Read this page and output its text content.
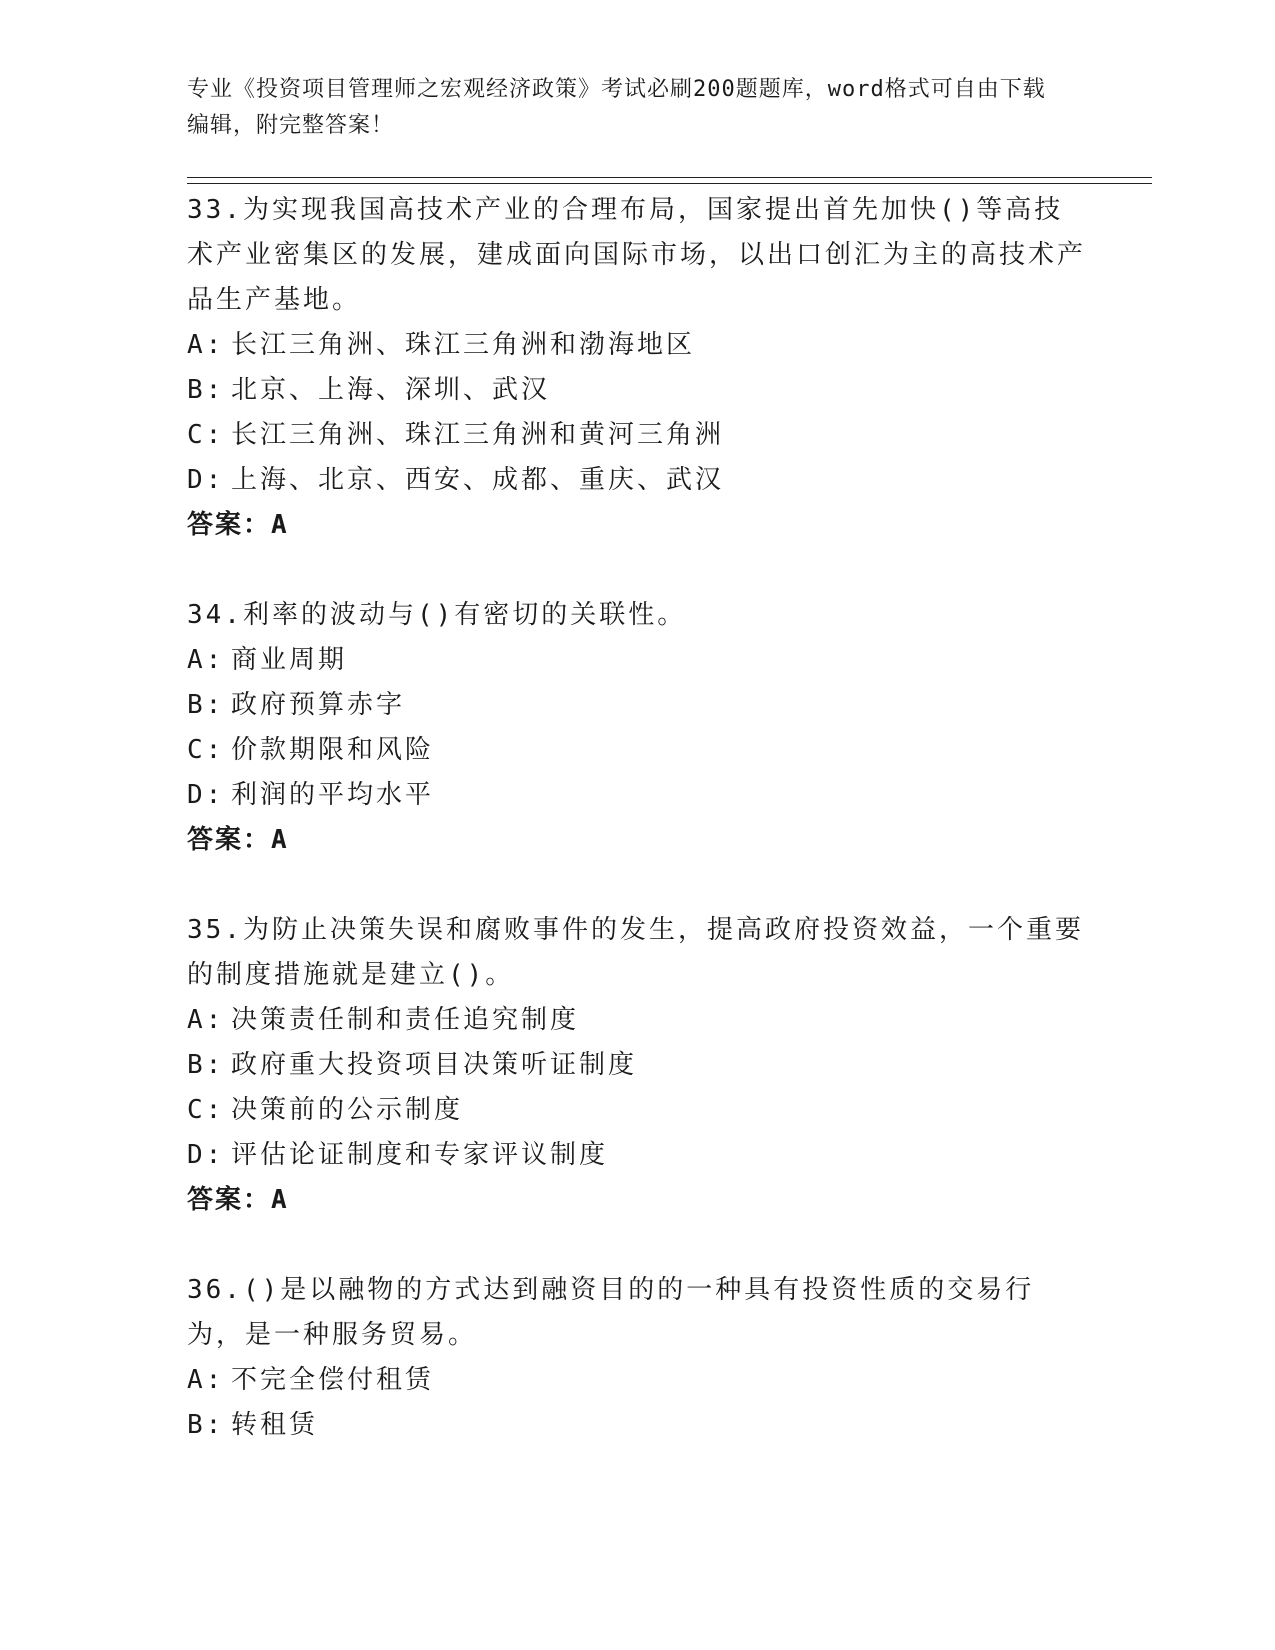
专业《投资项目管理师之宏观经济政策》考试必刷200题题库，word格式可自由下载编辑，附完整答案！

33.为实现我国高技术产业的合理布局，国家提出首先加快()等高技术产业密集区的发展，建成面向国际市场，以出口创汇为主的高技术产品生产基地。

A: 长江三角洲、珠江三角洲和渤海地区

B: 北京、上海、深圳、武汉

C: 长江三角洲、珠江三角洲和黄河三角洲

D: 上海、北京、西安、成都、重庆、武汉

答案：A

34.利率的波动与()有密切的关联性。

A: 商业周期

B: 政府预算赤字

C: 价款期限和风险

D: 利润的平均水平

答案：A

35.为防止决策失误和腐败事件的发生，提高政府投资效益，一个重要的制度措施就是建立()。

A: 决策责任制和责任追究制度

B: 政府重大投资项目决策听证制度

C: 决策前的公示制度

D: 评估论证制度和专家评议制度

答案：A

36.()是以融物的方式达到融资目的的一种具有投资性质的交易行为，是一种服务贸易。

A: 不完全偿付租赁

B: 转租赁
